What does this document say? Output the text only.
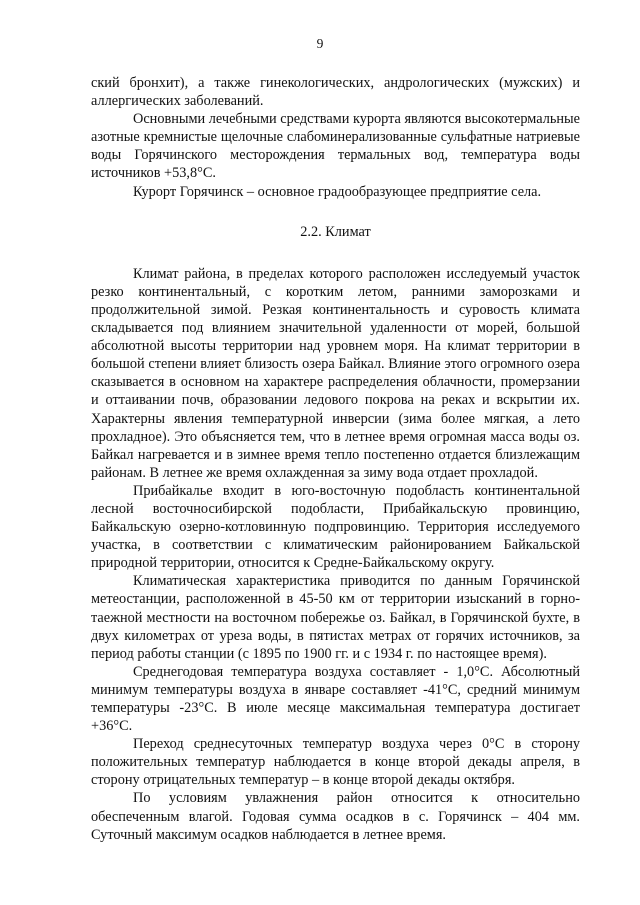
9

ский бронхит), а также гинекологических, андрологических (мужских) и аллергических заболеваний.

Основными лечебными средствами курорта являются высокотермальные азотные кремнистые щелочные слабоминерализованные сульфатные натриевые воды Горячинского месторождения термальных вод, температура воды источников +53,8°С.

Курорт Горячинск – основное градообразующее предприятие села.

2.2. Климат

Климат района, в пределах которого расположен исследуемый участок резко континентальный, с коротким летом, ранними заморозками и продолжительной зимой. Резкая континентальность и суровость климата складывается под влиянием значительной удаленности от морей, большой абсолютной высоты территории над уровнем моря. На климат территории в большой степени влияет близость озера Байкал. Влияние этого огромного озера сказывается в основном на характере распределения облачности, промерзании и оттаивании почв, образовании ледового покрова на реках и вскрытии их. Характерны явления температурной инверсии (зима более мягкая, а лето прохладное). Это объясняется тем, что в летнее время огромная масса воды оз. Байкал нагревается и в зимнее время тепло постепенно отдается близлежащим районам. В летнее же время охлажденная за зиму вода отдает прохладой.

Прибайкалье входит в юго-восточную подобласть континентальной лесной восточносибирской подобласти, Прибайкальскую провинцию, Байкальскую озерно-котловинную подпровинцию. Территория исследуемого участка, в соответствии с климатическим районированием Байкальской природной территории, относится к Средне-Байкальскому округу.

Климатическая характеристика приводится по данным Горячинской метеостанции, расположенной в 45-50 км от территории изысканий в горно-таежной местности на восточном побережье оз. Байкал, в Горячинской бухте, в двух километрах от уреза воды, в пятистах метрах от горячих источников, за период работы станции (с 1895 по 1900 гг. и с 1934 г. по настоящее время).

Среднегодовая температура воздуха составляет - 1,0°С. Абсолютный минимум температуры воздуха в январе составляет -41°С, средний минимум температуры -23°С. В июле месяце максимальная температура достигает +36°С.

Переход среднесуточных температур воздуха через 0°С в сторону положительных температур наблюдается в конце второй декады апреля, в сторону отрицательных температур – в конце второй декады октября.

По условиям увлажнения район относится к относительно обеспеченным влагой. Годовая сумма осадков в с. Горячинск – 404 мм. Суточный максимум осадков наблюдается в летнее время.
